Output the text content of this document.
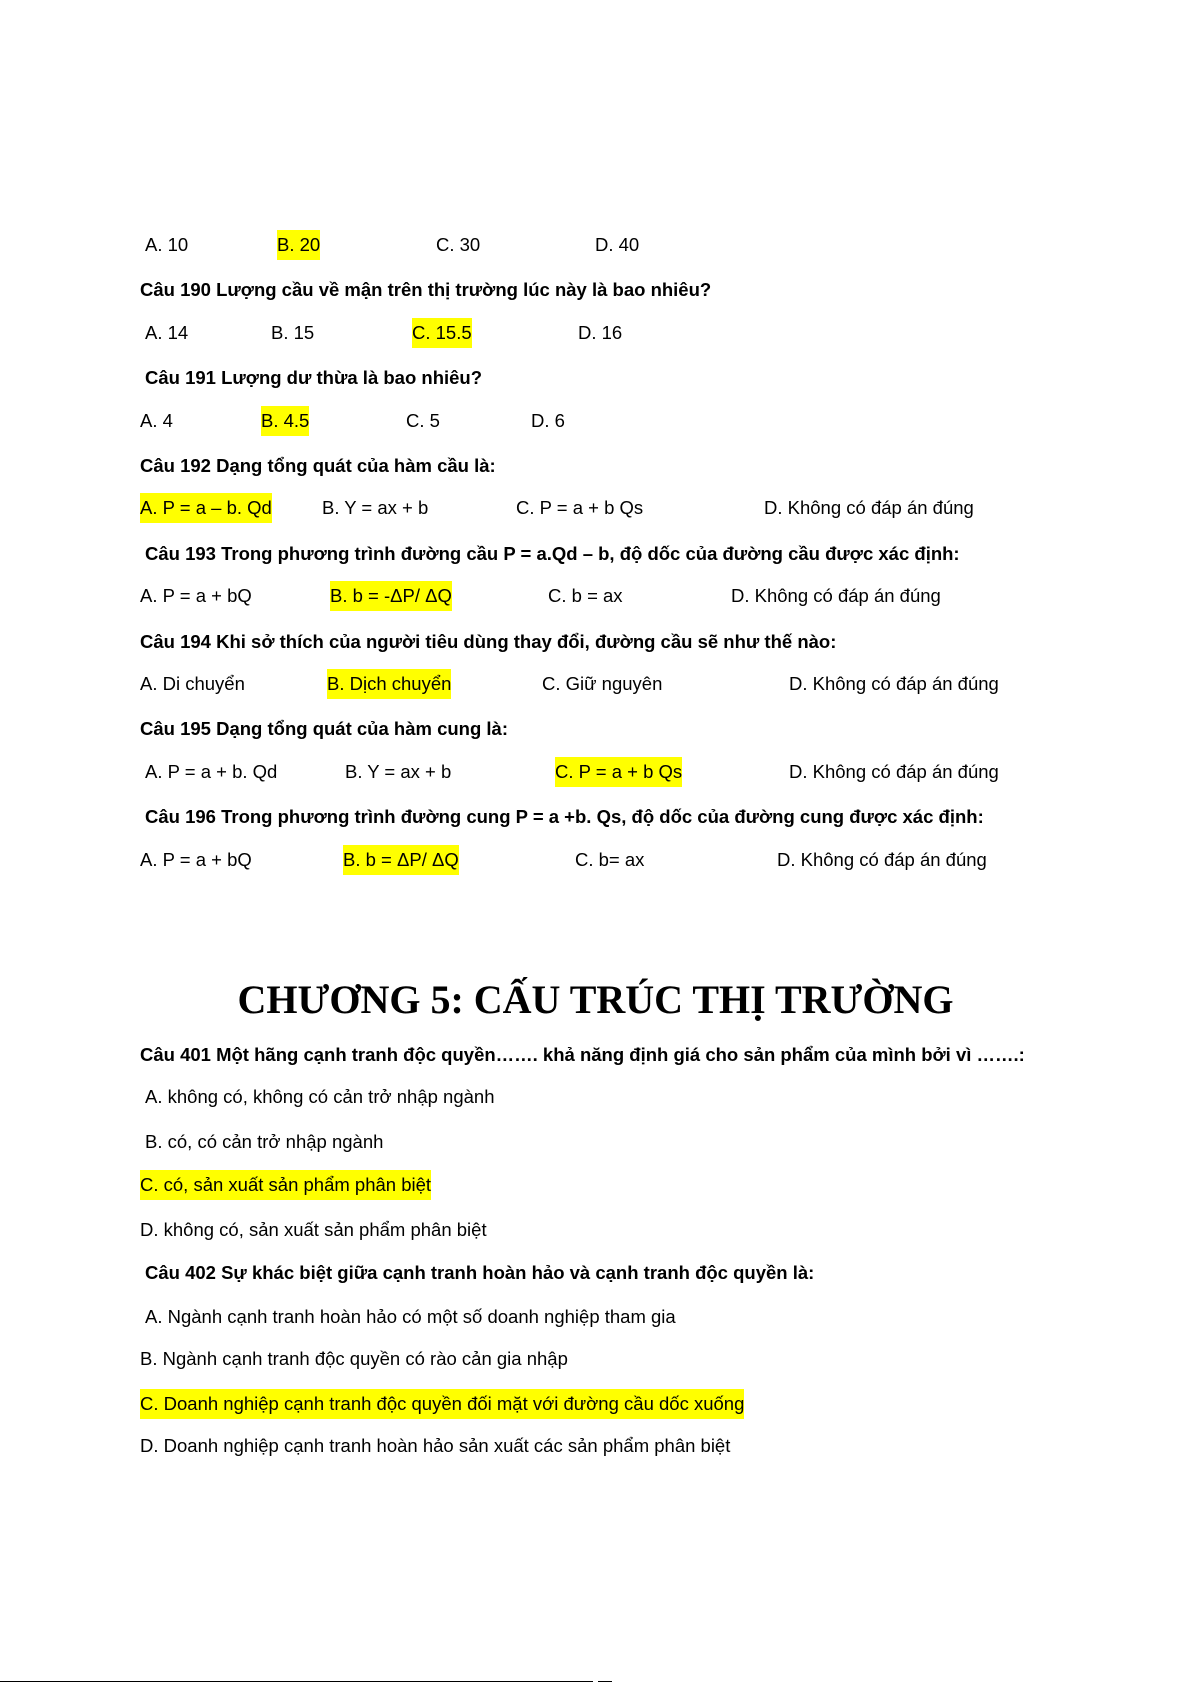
A. 10	B. 20	C. 30	D. 40
Câu 190 Lượng cầu về mận trên thị trường lúc này là bao nhiêu?
A. 14	B. 15	C. 15.5	D. 16
Câu 191 Lượng dư thừa là bao nhiêu?
A. 4	B. 4.5	C. 5	D. 6
Câu 192 Dạng tổng quát của hàm cầu là:
A. P = a – b. Qd	B. Y = ax + b	C. P = a + b Qs	D. Không có đáp án đúng
Câu 193 Trong phương trình đường cầu P = a.Qd – b, độ dốc của đường cầu được xác định:
A. P = a + bQ	B. b = -ΔP/ ΔQ	C. b = ax	D. Không có đáp án đúng
Câu 194 Khi sở thích của người tiêu dùng thay đổi, đường cầu sẽ như thế nào:
A. Di chuyển	B. Dịch chuyển	C. Giữ nguyên	D. Không có đáp án đúng
Câu 195 Dạng tổng quát của hàm cung là:
A. P = a + b. Qd	B. Y = ax + b	C. P = a + b Qs	D. Không có đáp án đúng
Câu 196 Trong phương trình đường cung P = a +b. Qs, độ dốc của đường cung được xác định:
A. P = a + bQ	B. b = ΔP/ ΔQ	C. b= ax	D. Không có đáp án đúng
CHƯƠNG 5: CẤU TRÚC THỊ TRƯỜNG
Câu 401 Một hãng cạnh tranh độc quyền……. khả năng định giá cho sản phẩm của mình bởi vì …….:
A. không có, không có cản trở nhập ngành
B. có, có cản trở nhập ngành
C. có, sản xuất sản phẩm phân biệt
D. không có, sản xuất sản phẩm phân biệt
Câu 402 Sự khác biệt giữa cạnh tranh hoàn hảo và cạnh tranh độc quyền là:
A. Ngành cạnh tranh hoàn hảo có một số doanh nghiệp tham gia
B. Ngành cạnh tranh độc quyền có rào cản gia nhập
C. Doanh nghiệp cạnh tranh độc quyền đối mặt với đường cầu dốc xuống
D. Doanh nghiệp cạnh tranh hoàn hảo sản xuất các sản phẩm phân biệt
